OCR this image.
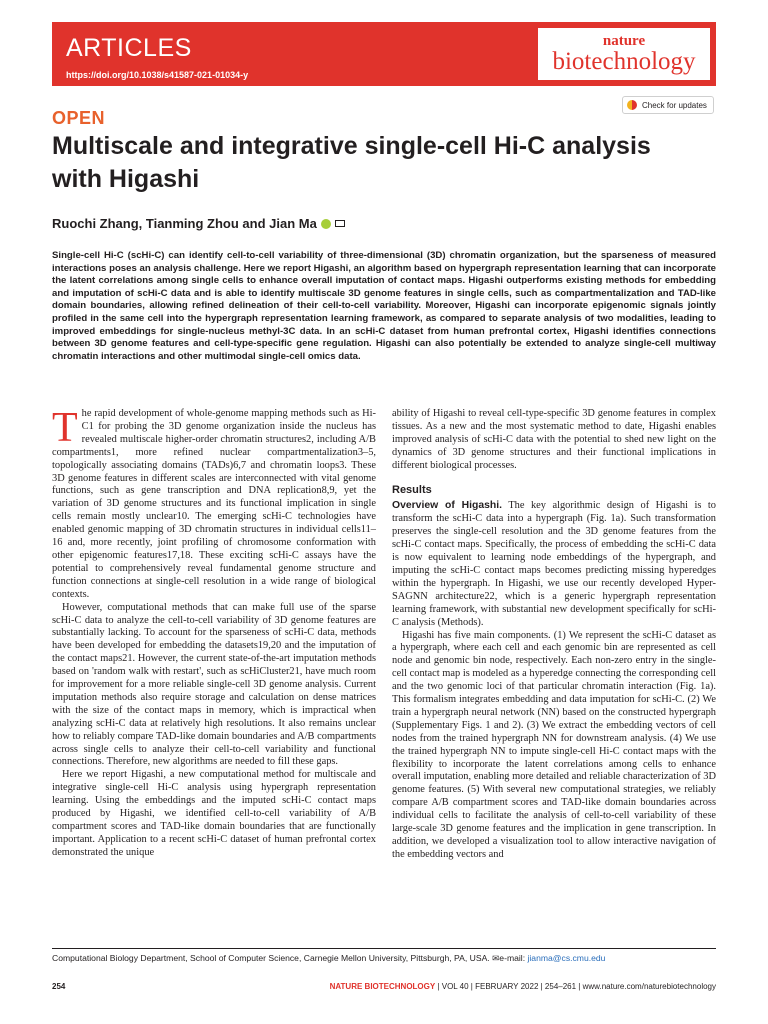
ARTICLES
https://doi.org/10.1038/s41587-021-01034-y
nature
biotechnology
Check for updates
OPEN
Multiscale and integrative single-cell Hi-C analysis with Higashi
Ruochi Zhang, Tianming Zhou and Jian Ma
Single-cell Hi-C (scHi-C) can identify cell-to-cell variability of three-dimensional (3D) chromatin organization, but the sparseness of measured interactions poses an analysis challenge. Here we report Higashi, an algorithm based on hypergraph representation learning that can incorporate the latent correlations among single cells to enhance overall imputation of contact maps. Higashi outperforms existing methods for embedding and imputation of scHi-C data and is able to identify multiscale 3D genome features in single cells, such as compartmentalization and TAD-like domain boundaries, allowing refined delineation of their cell-to-cell variability. Moreover, Higashi can incorporate epigenomic signals jointly profiled in the same cell into the hypergraph representation learning framework, as compared to separate analysis of two modalities, leading to improved embeddings for single-nucleus methyl-3C data. In an scHi-C dataset from human prefrontal cortex, Higashi identifies connections between 3D genome features and cell-type-specific gene regulation. Higashi can also potentially be extended to analyze single-cell multiway chromatin interactions and other multimodal single-cell omics data.

The rapid development of whole-genome mapping methods such as Hi-C1 for probing the 3D genome organization inside the nucleus has revealed multiscale higher-order chromatin structures2, including A/B compartments1, more refined nuclear compartmentalization3–5, topologically associating domains (TADs)6,7 and chromatin loops3. These 3D genome features in different scales are interconnected with vital genome functions, such as gene transcription and DNA replication8,9, yet the variation of 3D genome structures and its functional implication in single cells remain mostly unclear10. The emerging scHi-C technologies have enabled genomic mapping of 3D chromatin structures in individual cells11–16 and, more recently, joint profiling of chromosome conformation with other epigenomic features17,18. These exciting scHi-C assays have the potential to comprehensively reveal fundamental genome structure and function connections at single-cell resolution in a wide range of biological contexts.

However, computational methods that can make full use of the sparse scHi-C data to analyze the cell-to-cell variability of 3D genome features are substantially lacking. To account for the sparseness of scHi-C data, methods have been developed for embedding the datasets19,20 and the imputation of the contact maps21. However, the current state-of-the-art imputation methods based on 'random walk with restart', such as scHiCluster21, have much room for improvement for a more reliable single-cell 3D genome analysis. Current imputation methods also require storage and calculation on dense matrices with the size of the contact maps in memory, which is impractical when analyzing scHi-C data at relatively high resolutions. It also remains unclear how to reliably compare TAD-like domain boundaries and A/B compartments across single cells to analyze their cell-to-cell variability and functional connections. Therefore, new algorithms are needed to fill these gaps.

Here we report Higashi, a new computational method for multiscale and integrative single-cell Hi-C analysis using hypergraph representation learning. Using the embeddings and the imputed scHi-C contact maps produced by Higashi, we identified cell-to-cell variability of A/B compartment scores and TAD-like domain boundaries that are functionally important. Application to a recent scHi-C dataset of human prefrontal cortex demonstrated the unique

ability of Higashi to reveal cell-type-specific 3D genome features in complex tissues. As a new and the most systematic method to date, Higashi enables improved analysis of scHi-C data with the potential to shed new light on the dynamics of 3D genome structures and their functional implications in different biological processes.

Results

Overview of Higashi. The key algorithmic design of Higashi is to transform the scHi-C data into a hypergraph (Fig. 1a). Such transformation preserves the single-cell resolution and the 3D genome features from the scHi-C contact maps. Specifically, the process of embedding the scHi-C data is now equivalent to learning node embeddings of the hypergraph, and imputing the scHi-C contact maps becomes predicting missing hyperedges within the hypergraph. In Higashi, we use our recently developed Hyper-SAGNN architecture22, which is a generic hypergraph representation learning framework, with substantial new development specifically for scHi-C analysis (Methods).

Higashi has five main components. (1) We represent the scHi-C dataset as a hypergraph, where each cell and each genomic bin are represented as cell node and genomic bin node, respectively. Each non-zero entry in the single-cell contact map is modeled as a hyperedge connecting the corresponding cell and the two genomic loci of that particular chromatin interaction (Fig. 1a). This formalism integrates embedding and data imputation for scHi-C. (2) We train a hypergraph neural network (NN) based on the constructed hypergraph (Supplementary Figs. 1 and 2). (3) We extract the embedding vectors of cell nodes from the trained hypergraph NN for downstream analysis. (4) We use the trained hypergraph NN to impute single-cell Hi-C contact maps with the flexibility to incorporate the latent correlations among cells to enhance overall imputation, enabling more detailed and reliable characterization of 3D genome features. (5) With several new computational strategies, we reliably compare A/B compartment scores and TAD-like domain boundaries across individual cells to facilitate the analysis of cell-to-cell variability of these large-scale 3D genome features and the implication in gene transcription. In addition, we developed a visualization tool to allow interactive navigation of the embedding vectors and

Computational Biology Department, School of Computer Science, Carnegie Mellon University, Pittsburgh, PA, USA. ✉e-mail: jianma@cs.cmu.edu
254	NATURE BIOTECHNOLOGY | VOL 40 | FEBRUARY 2022 | 254–261 | www.nature.com/naturebiotechnology
